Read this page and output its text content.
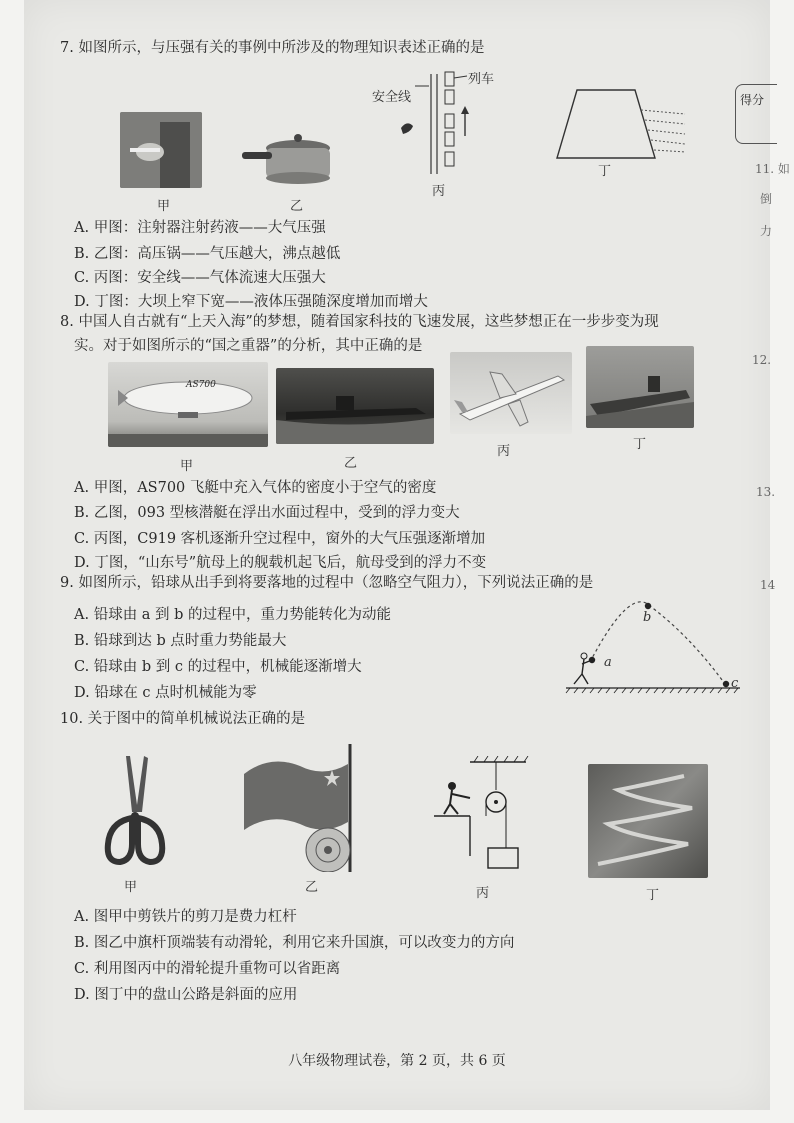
得分
11. 如
倒
力
12.
13.
14
7. 如图所示，与压强有关的事例中所涉及的物理知识表述正确的是
甲	乙
安全线
列车
丙
丁
A. 甲图：注射器注射药液——大气压强
B. 乙图：高压锅——气压越大，沸点越低
C. 丙图：安全线——气体流速大压强大
D. 丁图：大坝上窄下宽——液体压强随深度增加而增大
8. 中国人自古就有“上天入海”的梦想，随着国家科技的飞速发展，这些梦想正在一步步变为现
实。对于如图所示的“国之重器”的分析，其中正确的是
AS700
甲	乙
丙	丁
A. 甲图，AS700 飞艇中充入气体的密度小于空气的密度
B. 乙图，093 型核潜艇在浮出水面过程中，受到的浮力变大
C. 丙图，C919 客机逐渐升空过程中，窗外的大气压强逐渐增加
D. 丁图，“山东号”航母上的舰载机起飞后，航母受到的浮力不变
9. 如图所示，铅球从出手到将要落地的过程中（忽略空气阻力），下列说法正确的是
A. 铅球由 a 到 b 的过程中，重力势能转化为动能
B. 铅球到达 b 点时重力势能最大
C. 铅球由 b 到 c 的过程中，机械能逐渐增大
D. 铅球在 c 点时机械能为零
b
a
c
10. 关于图中的简单机械说法正确的是
甲	乙	丙	丁
A. 图甲中剪铁片的剪刀是费力杠杆
B. 图乙中旗杆顶端装有动滑轮，利用它来升国旗，可以改变力的方向
C. 利用图丙中的滑轮提升重物可以省距离
D. 图丁中的盘山公路是斜面的应用
八年级物理试卷，第 2 页，共 6 页
